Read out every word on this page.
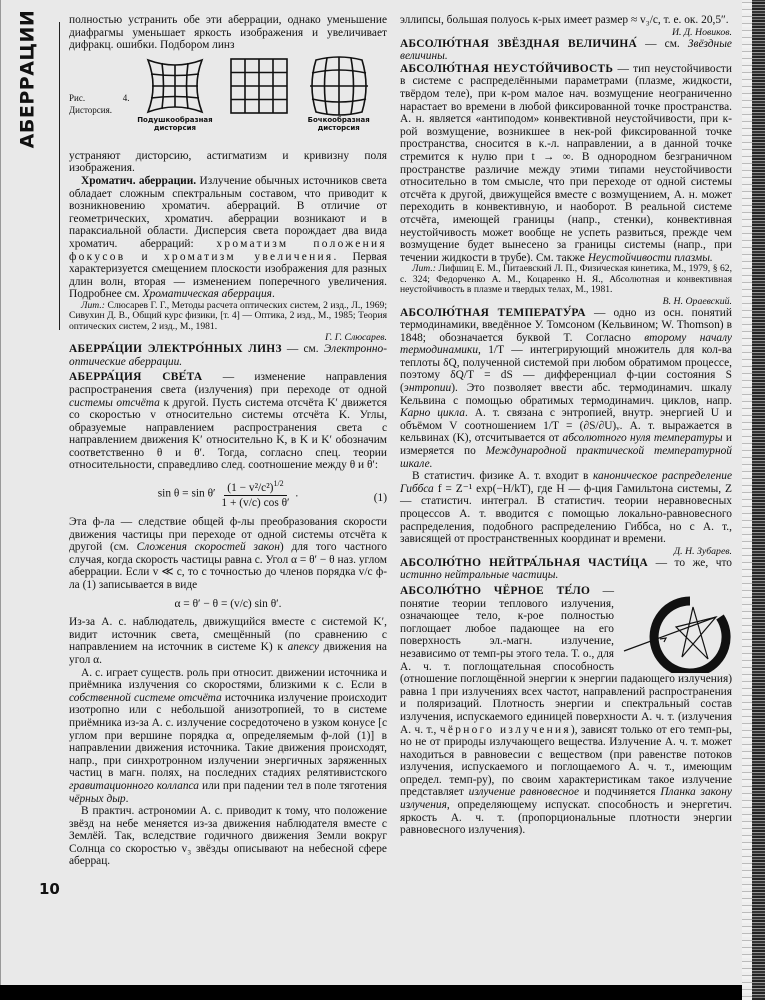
АБЕРРАЦИИ
10

полностью устранить обе эти аберрации, однако уменьшение диафрагмы уменьшает яркость изображения и увеличивает дифракц. ошибки. Подбором линз

Рис. 4. Дисторсия.
Подушкообразная дисторсия
Бочкообразная дисторсия

устраняют дисторсию, астигматизм и кривизну поля изображения.

Хроматич. аберрации. Излучение обычных источников света обладает сложным спектральным составом, что приводит к возникновению хроматич. аберраций. В отличие от геометрических, хроматич. аберрации возникают и в параксиальной области. Дисперсия света порождает два вида хроматич. аберраций: хроматизм положения фокусов и хроматизм увеличения. Первая характеризуется смещением плоскости изображения для разных длин волн, вторая — изменением поперечного увеличения. Подробнее см. Хроматическая аберрация.

Лит.: Слюсарев Г. Г., Методы расчета оптических систем, 2 изд., Л., 1969; Сивухин Д. В., Общий курс физики, [т. 4] — Оптика, 2 изд., М., 1985; Теория оптических систем, 2 изд., М., 1981.
Г. Г. Слюсарев.

АБЕРРА́ЦИИ ЭЛЕКТРО́ННЫХ ЛИНЗ — см. Электронно-оптические аберрации.

АБЕРРА́ЦИЯ СВЕ́ТА — изменение направления распространения света (излучения) при переходе от одной системы отсчёта к другой. Пусть система отсчёта K′ движется со скоростью v относительно системы отсчёта K. Углы, образуемые направлением распространения света с направлением движения K′ относительно K, в K и K′ обозначим соответственно θ и θ′. Тогда, согласно спец. теории относительности, справедливо след. соотношение между θ и θ′:

$\sin \theta = \sin \theta' \frac{(1 - v^2/c^2)^{1/2}}{\text{1 + (v/c) cos θ′}}$ .	(1)

Эта ф-ла — следствие общей ф-лы преобразования скорости движения частицы при переходе от одной системы отсчёта к другой (см. Сложения скоростей закон) для того частного случая, когда скорость частицы равна c. Угол α = θ′ − θ наз. углом аберрации. Если v ≪ c, то с точностью до членов порядка v/c ф-ла (1) записывается в виде

α = θ′ − θ = (v/c) sin θ′.

Из-за А. с. наблюдатель, движущийся вместе с системой K′, видит источник света, смещённый (по сравнению с направлением на источник в системе K) к апексу движения на угол α.

А. с. играет существ. роль при относит. движении источника и приёмника излучения со скоростями, близкими к c. Если в собственной системе отсчёта источника излучение происходит изотропно или с небольшой анизотропией, то в системе приёмника из-за А. с. излучение сосредоточено в узком конусе [с углом при вершине порядка α, определяемым ф-лой (1)] в направлении движения источника. Такие движения происходят, напр., при синхротронном излучении энергичных заряженных частиц в магн. полях, на последних стадиях релятивистского гравитационного коллапса или при падении тел в поле тяготения чёрных дыр.

В практич. астрономии А. с. приводит к тому, что положение звёзд на небе меняется из-за движения наблюдателя вместе с Землёй. Так, вследствие годичного движения Земли вокруг Солнца со скоростью v₃ звёзды описывают на небесной сфере аберрац.

эллипсы, большая полуось к-рых имеет размер ≈ v₃/c, т. е. ок. 20,5″.

И. Д. Новиков.

АБСОЛЮ́ТНАЯ ЗВЁЗДНАЯ ВЕЛИЧИНА́ — см. Звёздные величины.

АБСОЛЮ́ТНАЯ НЕУСТО́ЙЧИВОСТЬ — тип неустойчивости в системе с распределёнными параметрами (плазме, жидкости, твёрдом теле), при к-ром малое нач. возмущение неограниченно нарастает во времени в любой фиксированной точке пространства. А. н. является «антиподом» конвективной неустойчивости, при к-рой возмущение, возникшее в нек-рой фиксированной точке пространства, сносится в к.-л. направлении, а в данной точке стремится к нулю при t → ∞. В однородном безграничном пространстве различие между этими типами неустойчивости относительно в том смысле, что при переходе от одной системы отсчёта к другой, движущейся вместе с возмущением, А. н. может переходить в конвективную, и наоборот. В реальной системе отсчёта, имеющей границы (напр., стенки), конвективная неустойчивость может вообще не успеть развиться, прежде чем возмущение будет вынесено за границы системы (напр., при течении жидкости в трубе). См. также Неустойчивости плазмы.

Лит.: Лифшиц Е. М., Питаевский Л. П., Физическая кинетика, М., 1979, § 62, с. 324; Федорченко А. М., Коцаренко Н. Я., Абсолютная и конвективная неустойчивость в плазме и твердых телах, М., 1981.
В. Н. Ораевский.

АБСОЛЮ́ТНАЯ ТЕМПЕРАТУ́РА — одно из осн. понятий термодинамики, введённое У. Томсоном (Кельвином; W. Thomson) в 1848; обозначается буквой T. Согласно второму началу термодинамики, 1/T — интегрирующий множитель для кол-ва теплоты δQ, полученной системой при любом обратимом процессе, поэтому δQ/T = dS — дифференциал ф-ции состояния S (энтропии). Это позволяет ввести абс. термодинамич. шкалу Кельвина с помощью обратимых термодинамич. циклов, напр. Карно цикла. А. т. связана с энтропией, внутр. энергией U и объёмом V соотношением 1/T = (∂S/∂U)ᵥ. А. т. выражается в кельвинах (K), отсчитывается от абсолютного нуля температуры и измеряется по Международной практической температурной шкале.

В статистич. физике А. т. входит в каноническое распределение Гиббса f = Z⁻¹ exp(−H/kT), где H — ф-ция Гамильтона системы, Z — статистич. интеграл. В статистич. теории неравновесных процессов А. т. вводится с помощью локально-равновесного распределения, подобного распределению Гиббса, но с А. т., зависящей от пространственных координат и времени.

Д. Н. Зубарев.

АБСОЛЮ́ТНО НЕЙТРА́ЛЬНАЯ ЧАСТИ́ЦА — то же, что истинно нейтральные частицы.

АБСОЛЮ́ТНО ЧЁРНОЕ ТЕ́ЛО — понятие теории теплового излучения, означающее тело, к-рое полностью поглощает любое падающее на его поверхность эл.-магн. излучение, независимо от темп-ры этого тела. Т. о., для А. ч. т. поглощательная способность (отношение поглощённой энергии к энергии падающего излучения) равна 1 при излучениях всех частот, направлений распространения и поляризаций. Плотность энергии и спектральный состав излучения, испускаемого единицей поверхности А. ч. т. (излучения А. ч. т., чёрного излучения), зависят только от его темп-ры, но не от природы излучающего вещества. Излучение А. ч. т. может находиться в равновесии с веществом (при равенстве потоков излучения, испускаемого и поглощаемого А. ч. т., имеющим определ. темп-ру), по своим характеристикам такое излучение представляет излучение равновесное и подчиняется Планка закону излучения, определяющему испускат. способность и энергетич. яркость А. ч. т. (пропорциональные плотности энергии равновесного излучения).
